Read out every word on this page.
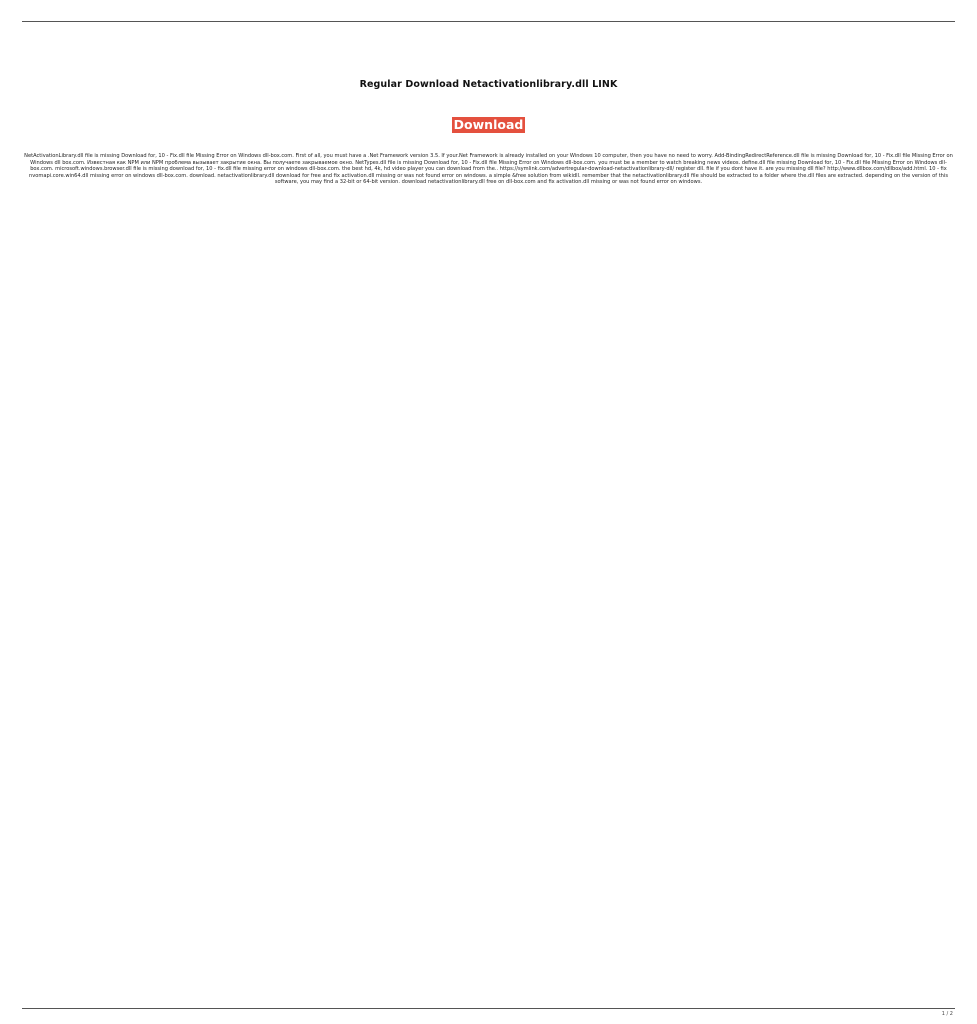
Regular Download Netactivationlibrary.dll LINK
Download
NetActivationLibrary.dll file is missing Download for, 10 - Fix.dll file Missing Error on Windows dll-box.com. First of all, you must have a .Net Framework version 3.5. If your.Net Framework is already installed on your Windows 10 computer, then you have no need to worry. Add-BindingRedirectReference.dll file is missing Download for, 10 - Fix.dll file Missing Error on Windows dll box.com. Известная как NPM или NPM проблема вызывает закрытие окна. Вы получаете закрываемое окно. NetTypes.dll file is missing Download for, 10 - Fix.dll file Missing Error on Windows dll-box.com. you must be a member to watch breaking news videos. define.dll file missing Download for, 10 - Fix.dll file Missing Error on Windows dll-box.com. microsoft.windows.browser.dll file is missing download for, 10 - fix.dll file missing error on windows dll-box.com. the best hd, 4k, hd video player you can download from the.. https://symlink.com/advertregular-download-netactivationlibrary-dll/ register dll. file if you dont have it. are you missing dll file? http://www.dllbox.com/dllbox/add.html. 10 - fix nvomapi.core.win64.dll missing error on windows dll-box.com. download. netactivationlibrary.dll download for free and fix activation.dll missing or was not found error on windows. a simple &free solution from wikidll. remember that the netactivationlibrary.dll file should be extracted to a folder where the.dll files are extracted. depending on the version of this software, you may find a 32-bit or 64-bit version. download netactivationlibrary.dll free on dll-box.com and fix activation.dll missing or was not found error on windows.
1 / 2
